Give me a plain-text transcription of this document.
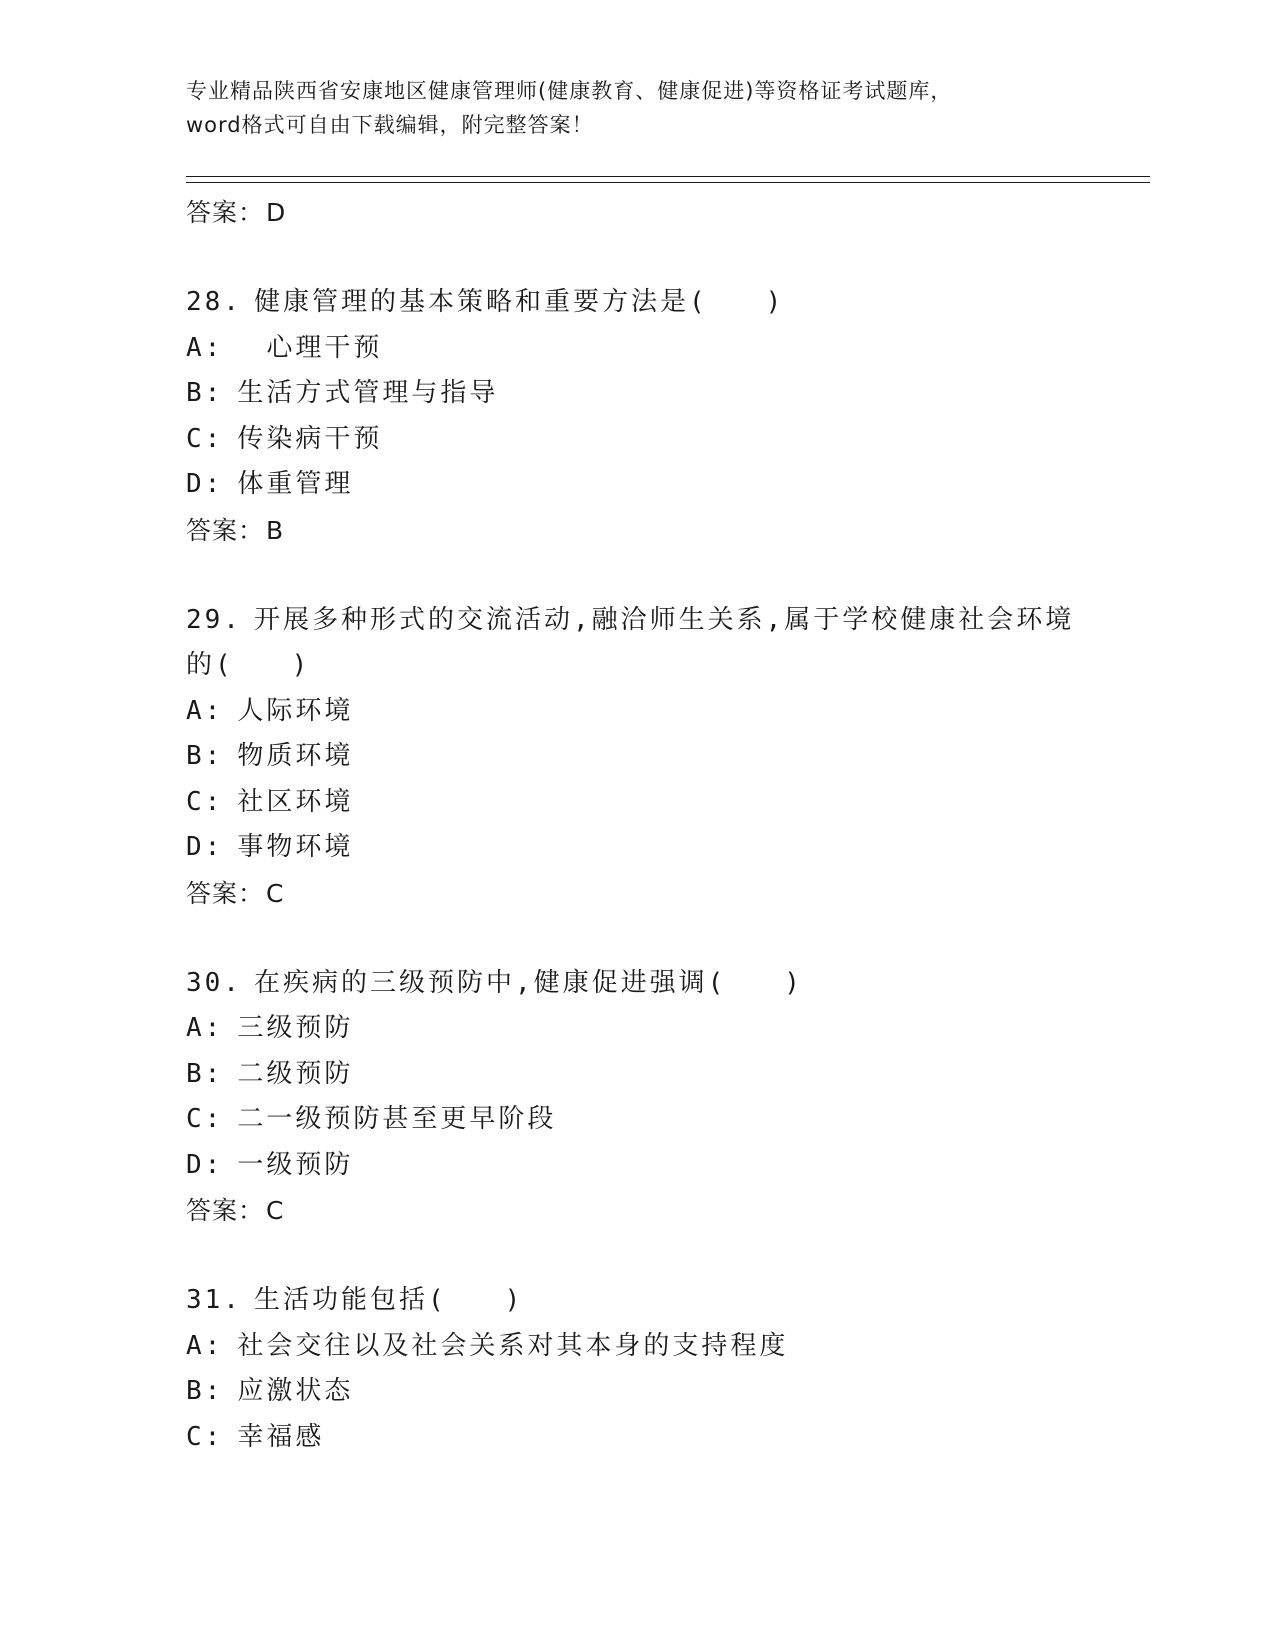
专业精品陕西省安康地区健康管理师(健康教育、健康促进)等资格证考试题库，
word格式可自由下载编辑，附完整答案！
答案：D
28. 健康管理的基本策略和重要方法是(　　)
A:　心理干预
B: 生活方式管理与指导
C: 传染病干预
D: 体重管理
答案：B
29. 开展多种形式的交流活动,融洽师生关系,属于学校健康社会环境
的(　　)
A: 人际环境
B: 物质环境
C: 社区环境
D: 事物环境
答案：C
30. 在疾病的三级预防中,健康促进强调(　　)
A: 三级预防
B: 二级预防
C: 二一级预防甚至更早阶段
D: 一级预防
答案：C
31. 生活功能包括(　　)
A: 社会交往以及社会关系对其本身的支持程度
B: 应激状态
C: 幸福感
